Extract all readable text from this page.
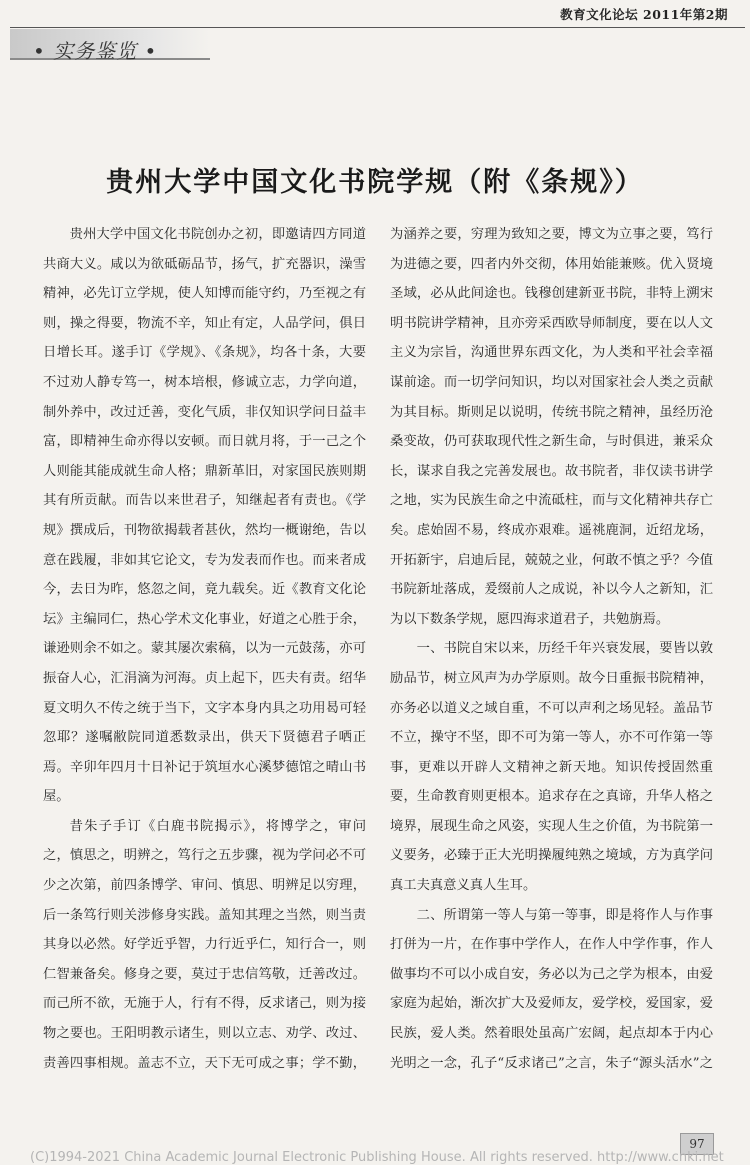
教育文化论坛 2011年第2期
• 实务鉴览 •
贵州大学中国文化书院学规（附《条规》）

贵州大学中国文化书院创办之初，即邀请四方同道共商大义。咸以为欲砥砺品节，扬气，扩充器识，澡雪精神，必先订立学规，使人知博而能守约，乃至视之有则，操之得要，物流不辛，知止有定，人品学问，俱日日增长耳。遂手订《学规》、《条规》，均各十条，大要不过劝人静专笃一，树本培根，修诚立志，力学向道，制外养中，改过迁善，变化气质，非仅知识学问日益丰富，即精神生命亦得以安顿。而日就月将，于一己之个人则能其能成就生命人格；鼎新革旧，对家国民族则期其有所贡献。而告以来世君子，知继起者有责也。《学规》撰成后，刊物欲揭载者甚伙，然均一概谢绝，告以意在践履，非如其它论文，专为发表而作也。而来者成今，去日为昨，悠忽之间，竟九载矣。近《教育文化论坛》主编同仁，热心学术文化事业，好道之心胜于余，谦逊则余不如之。蒙其屡次索稿，以为一元鼓荡，亦可振奋人心，汇涓滴为河海。贞上起下，匹夫有责。绍华夏文明久不传之统于当下，文字本身内具之功用曷可轻忽耶？遂嘱敝院同道悉数录出，供天下贤德君子哂正焉。辛卯年四月十日补记于筑垣水心溪梦德馆之晴山书屋。

昔朱子手订《白鹿书院揭示》，将博学之，审问之，慎思之，明辨之，笃行之五步骤，视为学问必不可少之次第，前四条博学、审问、慎思、明辨足以穷理，后一条笃行则关涉修身实践。盖知其理之当然，则当责其身以必然。好学近乎智，力行近乎仁，知行合一，则仁智兼备矣。修身之要，莫过于忠信笃敬，迁善改过。而己所不欲，无施于人，行有不得，反求诸己，则为接物之要也。王阳明教示诸生，则以立志、劝学、改过、责善四事相规。盖志不立，天下无可成之事；学不勤，

为涵养之要，穷理为致知之要，博文为立事之要，笃行为进德之要，四者内外交彻，体用始能兼赅。优入贤境圣域，必从此间途也。钱穆创建新亚书院，非特上溯宋明书院讲学精神，且亦旁采西欧导师制度，要在以人文主义为宗旨，沟通世界东西文化，为人类和平社会幸福谋前途。而一切学问知识，均以对国家社会人类之贡献为其目标。斯则足以说明，传统书院之精神，虽经历沧桑变故，仍可获取现代性之新生命，与时俱进，兼采众长，谋求自我之完善发展也。故书院者，非仅读书讲学之地，实为民族生命之中流砥柱，而与文化精神共存亡矣。虑始固不易，终成亦艰难。遥祧鹿洞，近绍龙场，开拓新宇，启迪后昆，兢兢之业，何敢不慎之乎？今值书院新址落成，爰缀前人之成说，补以今人之新知，汇为以下数条学规，愿四海求道君子，共勉旃焉。

一、书院自宋以来，历经千年兴衰发展，要皆以敦励品节，树立风声为办学原则。故今日重振书院精神，亦务必以道义之域自重，不可以声利之场见轻。盖品节不立，操守不坚，即不可为第一等人，亦不可作第一等事，更难以开辟人文精神之新天地。知识传授固然重要，生命教育则更根本。追求存在之真谛，升华人格之境界，展现生命之风姿，实现人生之价值，为书院第一义要务，必臻于正大光明操履纯熟之境域，方为真学问真工夫真意义真人生耳。

二、所谓第一等人与第一等事，即是将作人与作事打併为一片，在作事中学作人，在作人中学作事，作人做事均不可以小成自安，务必以为己之学为根本，由爱家庭为起始，渐次扩大及爱师友，爱学校，爱国家，爱民族，爱人类。然着眼处虽高广宏阔，起点却本于内心光明之一念，孔子“反求诸己”之言，朱子“源头活水”之

97
(C)1994-2021 China Academic Journal Electronic Publishing House. All rights reserved. http://www.cnki.net
